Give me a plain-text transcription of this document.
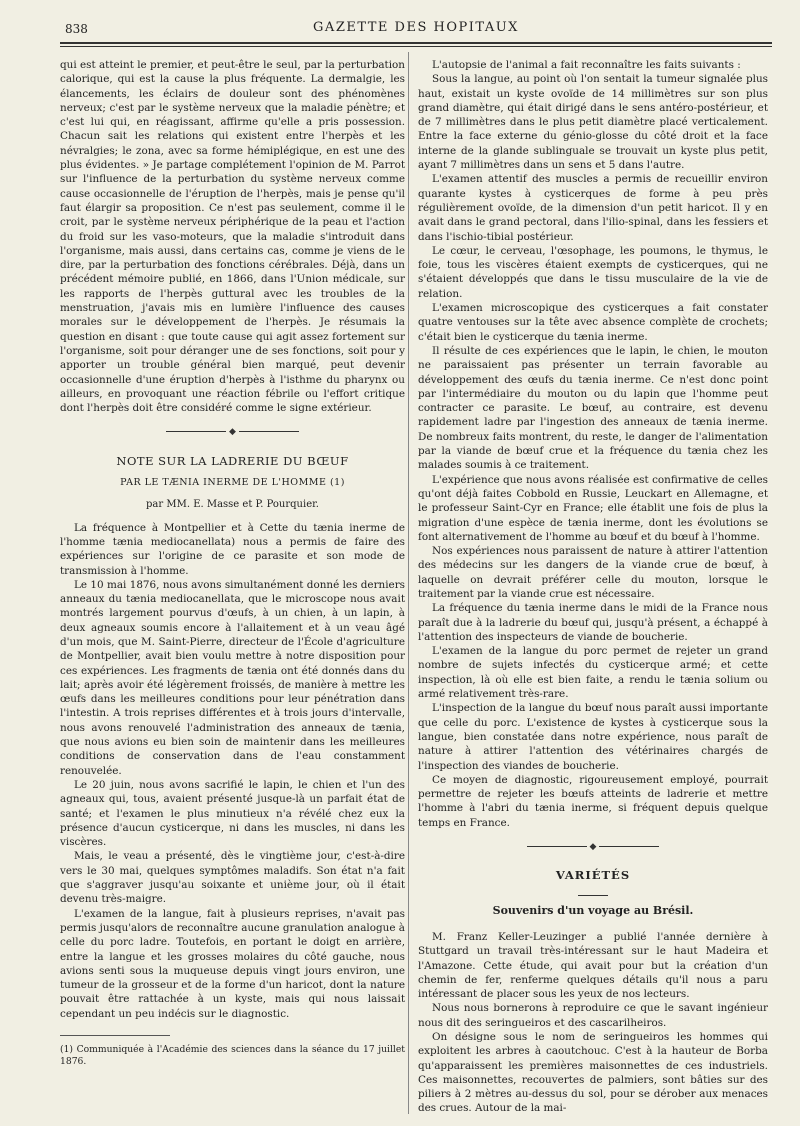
838	GAZETTE DES HOPITAUX

qui est atteint le premier, et peut-être le seul, par la perturbation calorique, qui est la cause la plus fréquente. La dermalgie, les élancements, les éclairs de douleur sont des phénomènes nerveux; c'est par le système nerveux que la maladie pénètre; et c'est lui qui, en réagissant, affirme qu'elle a pris possession. Chacun sait les relations qui existent entre l'herpès et les névralgies; le zona, avec sa forme hémiplégique, en est une des plus évidentes. » Je partage complétement l'opinion de M. Parrot sur l'influence de la perturbation du système nerveux comme cause occasionnelle de l'éruption de l'herpès, mais je pense qu'il faut élargir sa proposition. Ce n'est pas seulement, comme il le croit, par le système nerveux périphérique de la peau et l'action du froid sur les vaso-moteurs, que la maladie s'introduit dans l'organisme, mais aussi, dans certains cas, comme je viens de le dire, par la perturbation des fonctions cérébrales. Déjà, dans un précédent mémoire publié, en 1866, dans l'Union médicale, sur les rapports de l'herpès guttural avec les troubles de la menstruation, j'avais mis en lumière l'influence des causes morales sur le développement de l'herpès. Je résumais la question en disant : que toute cause qui agit assez fortement sur l'organisme, soit pour déranger une de ses fonctions, soit pour y apporter un trouble général bien marqué, peut devenir occasionnelle d'une éruption d'herpès à l'isthme du pharynx ou ailleurs, en provoquant une réaction fébrile ou l'effort critique dont l'herpès doit être considéré comme le signe extérieur.

◆
NOTE SUR LA LADRERIE DU BŒUF
PAR LE TÆNIA INERME DE L'HOMME (1)
par MM. E. Masse et P. Pourquier.

La fréquence à Montpellier et à Cette du tænia inerme de l'homme tænia mediocanellata) nous a permis de faire des expériences sur l'origine de ce parasite et son mode de transmission à l'homme.

Le 10 mai 1876, nous avons simultanément donné les derniers anneaux du tænia mediocanellata, que le microscope nous avait montrés largement pourvus d'œufs, à un chien, à un lapin, à deux agneaux soumis encore à l'allaitement et à un veau âgé d'un mois, que M. Saint-Pierre, directeur de l'École d'agriculture de Montpellier, avait bien voulu mettre à notre disposition pour ces expériences. Les fragments de tænia ont été donnés dans du lait; après avoir été légèrement froissés, de manière à mettre les œufs dans les meilleures conditions pour leur pénétration dans l'intestin. A trois reprises différentes et à trois jours d'intervalle, nous avons renouvelé l'administration des anneaux de tænia, que nous avions eu bien soin de maintenir dans les meilleures conditions de conservation dans de l'eau constamment renouvelée.

Le 20 juin, nous avons sacrifié le lapin, le chien et l'un des agneaux qui, tous, avaient présenté jusque-là un parfait état de santé; et l'examen le plus minutieux n'a révélé chez eux la présence d'aucun cysticerque, ni dans les muscles, ni dans les viscères.

Mais, le veau a présenté, dès le vingtième jour, c'est-à-dire vers le 30 mai, quelques symptômes maladifs. Son état n'a fait que s'aggraver jusqu'au soixante et unième jour, où il était devenu très-maigre.

L'examen de la langue, fait à plusieurs reprises, n'avait pas permis jusqu'alors de reconnaître aucune granulation analogue à celle du porc ladre. Toutefois, en portant le doigt en arrière, entre la langue et les grosses molaires du côté gauche, nous avions senti sous la muqueuse depuis vingt jours environ, une tumeur de la grosseur et de la forme d'un haricot, dont la nature pouvait être rattachée à un kyste, mais qui nous laissait cependant un peu indécis sur le diagnostic.

(1) Communiquée à l'Académie des sciences dans la séance du 17 juillet 1876.

L'autopsie de l'animal a fait reconnaître les faits suivants :

Sous la langue, au point où l'on sentait la tumeur signalée plus haut, existait un kyste ovoïde de 14 millimètres sur son plus grand diamètre, qui était dirigé dans le sens antéro-postérieur, et de 7 millimètres dans le plus petit diamètre placé verticalement. Entre la face externe du génio-glosse du côté droit et la face interne de la glande sublinguale se trouvait un kyste plus petit, ayant 7 millimètres dans un sens et 5 dans l'autre.

L'examen attentif des muscles a permis de recueillir environ quarante kystes à cysticerques de forme à peu près régulièrement ovoïde, de la dimension d'un petit haricot. Il y en avait dans le grand pectoral, dans l'ilio-spinal, dans les fessiers et dans l'ischio-tibial postérieur.

Le cœur, le cerveau, l'œsophage, les poumons, le thymus, le foie, tous les viscères étaient exempts de cysticerques, qui ne s'étaient développés que dans le tissu musculaire de la vie de relation.

L'examen microscopique des cysticerques a fait constater quatre ventouses sur la tête avec absence complète de crochets; c'était bien le cysticerque du tænia inerme.

Il résulte de ces expériences que le lapin, le chien, le mouton ne paraissaient pas présenter un terrain favorable au développement des œufs du tænia inerme. Ce n'est donc point par l'intermédiaire du mouton ou du lapin que l'homme peut contracter ce parasite. Le bœuf, au contraire, est devenu rapidement ladre par l'ingestion des anneaux de tænia inerme. De nombreux faits montrent, du reste, le danger de l'alimentation par la viande de bœuf crue et la fréquence du tænia chez les malades soumis à ce traitement.

L'expérience que nous avons réalisée est confirmative de celles qu'ont déjà faites Cobbold en Russie, Leuckart en Allemagne, et le professeur Saint-Cyr en France; elle établit une fois de plus la migration d'une espèce de tænia inerme, dont les évolutions se font alternativement de l'homme au bœuf et du bœuf à l'homme.

Nos expériences nous paraissent de nature à attirer l'attention des médecins sur les dangers de la viande crue de bœuf, à laquelle on devrait préférer celle du mouton, lorsque le traitement par la viande crue est nécessaire.

La fréquence du tænia inerme dans le midi de la France nous paraît due à la ladrerie du bœuf qui, jusqu'à présent, a échappé à l'attention des inspecteurs de viande de boucherie.

L'examen de la langue du porc permet de rejeter un grand nombre de sujets infectés du cysticerque armé; et cette inspection, là où elle est bien faite, a rendu le tænia solium ou armé relativement très-rare.

L'inspection de la langue du bœuf nous paraît aussi importante que celle du porc. L'existence de kystes à cysticerque sous la langue, bien constatée dans notre expérience, nous paraît de nature à attirer l'attention des vétérinaires chargés de l'inspection des viandes de boucherie.

Ce moyen de diagnostic, rigoureusement employé, pourrait permettre de rejeter les bœufs atteints de ladrerie et mettre l'homme à l'abri du tænia inerme, si fréquent depuis quelque temps en France.

◆
VARIÉTÉS
Souvenirs d'un voyage au Brésil.

M. Franz Keller-Leuzinger a publié l'année dernière à Stuttgard un travail très-intéressant sur le haut Madeira et l'Amazone. Cette étude, qui avait pour but la création d'un chemin de fer, renferme quelques détails qu'il nous a paru intéressant de placer sous les yeux de nos lecteurs.

Nous nous bornerons à reproduire ce que le savant ingénieur nous dit des seringueiros et des cascarilheiros.

On désigne sous le nom de seringueiros les hommes qui exploitent les arbres à caoutchouc. C'est à la hauteur de Borba qu'apparaissent les premières maisonnettes de ces industriels. Ces maisonnettes, recouvertes de palmiers, sont bâties sur des piliers à 2 mètres au-dessus du sol, pour se dérober aux menaces des crues. Autour de la mai-
